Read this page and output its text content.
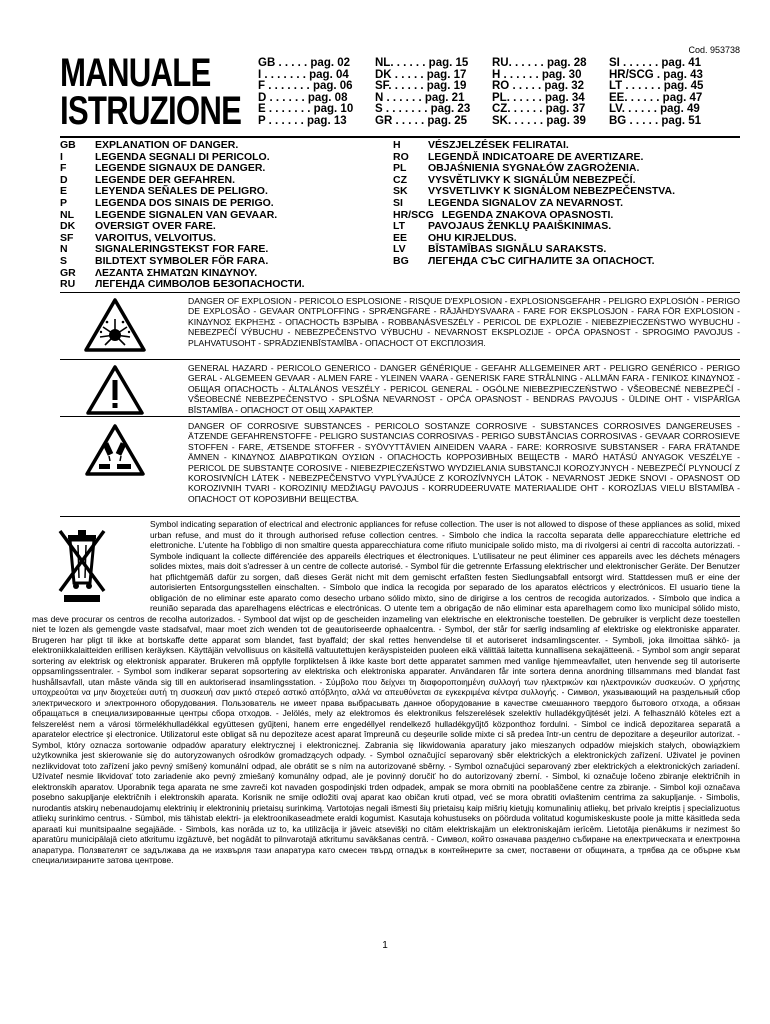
Cod. 953738
MANUALE
ISTRUZIONE
GB . . . . . pag. 02	NL. . . . . . pag. 15	RU. . . . . . pag. 28	SI . . . . . . pag. 41
I . . . . . . . pag. 04	DK . . . . . pag. 17	H . . . . . . pag. 30	HR/SCG . pag. 43
F . . . . . . . pag. 06	SF. . . . . . pag. 19	RO . . . . . pag. 32	LT . . . . . . pag. 45
D . . . . . . pag. 08	N . . . . . . pag. 21	PL. . . . . . pag. 34	EE. . . . . . pag. 47
E . . . . . . . pag. 10	S . . . . . . . pag. 23	CZ. . . . . . pag. 37	LV. . . . . . pag. 49
P . . . . . . pag. 13	GR . . . . . pag. 25	SK. . . . . . pag. 39	BG . . . . . pag. 51
GB	EXPLANATION OF DANGER.
I	LEGENDA SEGNALI DI PERICOLO.
F	LEGENDE SIGNAUX DE DANGER.
D	LEGENDE DER GEFAHREN.
E	LEYENDA SEÑALES DE PELIGRO.
P	LEGENDA DOS SINAIS DE PERIGO.
NL	LEGENDE SIGNALEN VAN GEVAAR.
DK	OVERSIGT OVER FARE.
SF	VAROITUS, VELVOITUS.
N	SIGNALERINGSTEKST FOR FARE.
S	BILDTEXT SYMBOLER FÖR FARA.
GR	ΛΕΖΑΝΤΑ ΣΗΜΑΤΩΝ ΚΙΝΔΥΝΟΥ.
RU	ЛЕГЕНДА СИМВОЛОВ БЕЗОПАСНОСТИ.
H	VÉSZJELZÉSEK FELIRATAI.
RO	LEGENDĂ INDICATOARE DE AVERTIZARE.
PL	OBJAŚNIENIA SYGNAŁÓW ZAGROŻENIA.
CZ	VYSVĚTLIVKY K SIGNÁLŮM NEBEZPEČÍ.
SK	VYSVETLIVKY K SIGNÁLOM NEBEZPEČENSTVA.
SI	LEGENDA SIGNALOV ZA NEVARNOST.
HR/SCG LEGENDA ZNAKOVA OPASNOSTI.
LT	PAVOJAUS ŽENKLŲ PAAIŠKINIMAS.
EE	OHU KIRJELDUS.
LV	BĪSTAMĪBAS SIGNĀLU SARAKSTS.
BG	ЛЕГЕНДА СЪС СИГНАЛИТЕ ЗА ОПАСНОСТ.
DANGER OF EXPLOSION - PERICOLO ESPLOSIONE - RISQUE D'EXPLOSION - EXPLOSIONSGEFAHR - PELIGRO EXPLOSIÓN - PERIGO DE EXPLOSÃO - GEVAAR ONTPLOFFING - SPRÆNGFARE - RÄJÄHDYSVAARA - FARE FOR EKSPLOSJON - FARA FÖR EXPLOSION - ΚΙΝΔΥΝΟΣ ΕΚΡΗΞΗΣ - ОПАСНОСТЬ ВЗРЫВА - ROBBANÁSVESZÉLY - PERICOL DE EXPLOZIE - NIEBEZPIECZEŃSTWO WYBUCHU - NEBEZPEČÍ VÝBUCHU - NEBEZPEČENSTVO VÝBUCHU - NEVARNOST EKSPLOZIJE - OPĆA OPASNOST - SPROGIMO PAVOJUS - PLAHVATUSOHT - SPRĀDZIENBĪSTAMĪBA - ОПАСНОСТ ОТ ЕКСПЛОЗИЯ.
GENERAL HAZARD - PERICOLO GENERICO - DANGER GÉNÉRIQUE - GEFAHR ALLGEMEINER ART - PELIGRO GENÉRICO - PERIGO GERAL - ALGEMEEN GEVAAR - ALMEN FARE - YLEINEN VAARA - GENERISK FARE STRÅLNING - ALLMÄN FARA - ΓΕΝΙΚΟΣ ΚΙΝΔΥΝΟΣ - ОБЩАЯ ОПАСНОСТЬ - ÁLTALÁNOS VESZÉLY - PERICOL GENERAL - OGÓLNE NIEBEZPIECZEŃSTWO - VŠEOBECNÉ NEBEZPEČÍ - VŠEOBECNÉ NEBEZPEČENSTVO - SPLOŠNA NEVARNOST - OPĆA OPASNOST - BENDRAS PAVOJUS - ÜLDINE OHT - VISPĀRĪGA BĪSTAMĪBA - ОПАСНОСТ ОТ ОБЩ ХАРАКТЕР.
DANGER OF CORROSIVE SUBSTANCES - PERICOLO SOSTANZE CORROSIVE - SUBSTANCES CORROSIVES DANGEREUSES - ÄTZENDE GEFAHRENSTOFFE - PELIGRO SUSTANCIAS CORROSIVAS - PERIGO SUBSTÂNCIAS CORROSIVAS - GEVAAR CORROSIEVE STOFFEN - FARE, ÆTSENDE STOFFER - SYÖVYTTÄVIEN AINEIDEN VAARA - FARE: KORROSIVE SUBSTANSER - FARA FRÄTANDE ÄMNEN - ΚΙΝΔΥΝΟΣ ΔΙΑΒΡΩΤΙΚΩΝ ΟΥΣΙΩΝ - ОПАСНОСТЬ КОРРОЗИВНЫХ ВЕЩЕСТВ - MARÓ HATÁSÚ ANYAGOK VESZÉLYE - PERICOL DE SUBSTANŢE COROSIVE - NIEBEZPIECZEŃSTWO WYDZIELANIA SUBSTANCJI KOROZYJNYCH - NEBEZPEČÍ PLYNOUCÍ Z KOROSIVNÍCH LÁTEK - NEBEZPEČENSTVO VYPLÝVAJÚCE Z KOROZÍVNYCH LÁTOK - NEVARNOST JEDKE SNOVI - OPASNOST OD KOROZIVNIH TVARI - KOROZINIŲ MEDŽIAGŲ PAVOJUS - KORRUDEERUVATE MATERIAALIDE OHT - KOROZĪJAS VIELU BĪSTAMĪBA - ОПАСНОСТ ОТ КОРОЗИВНИ ВЕЩЕСТВА.
Symbol indicating separation of electrical and electronic appliances for refuse collection. The user is not allowed to dispose of these appliances as solid, mixed urban refuse, and must do it through authorised refuse collection centres. - Simbolo che indica la raccolta separata delle apparecchiature elettriche ed elettroniche. L'utente ha l'obbligo di non smaltire questa apparecchiatura come rifiuto municipale solido misto, ma di rivolgersi ai centri di raccolta autorizzati. - Symbole indiquant la collecte différenciée des appareils électriques et électroniques. L'utilisateur ne peut éliminer ces appareils avec les déchets ménagers solides mixtes, mais doit s'adresser à un centre de collecte autorisé. - Symbol für die getrennte Erfassung elektrischer und elektronischer Geräte. Der Benutzer hat pflichtgemäß dafür zu sorgen, daß dieses Gerät nicht mit dem gemischt erfaßten festen Siedlungsabfall entsorgt wird. Stattdessen muß er eine der autorisierten Entsorgungsstellen einschalten. - Símbolo que indica la recogida por separado de los aparatos eléctricos y electrónicos. El usuario tiene la obligación de no eliminar este aparato como desecho urbano sólido mixto, sino de dirigirse a los centros de recogida autorizados. - Símbolo que indica a reunião separada das aparelhagens eléctricas e electrónicas. O utente tem a obrigação de não eliminar esta aparelhagem como lixo municipal sólido misto, mas deve procurar os centros de recolha autorizados. - Symbool dat wijst op de gescheiden inzameling van elektrische en elektronische toestellen. De gebruiker is verplicht deze toestellen niet te lozen als gemengde vaste stadsafval, maar moet zich wenden tot de geautoriseerde ophaalcentra. - Symbol, der står for særlig indsamling af elektriske og elektroniske apparater. Brugeren har pligt til ikke at bortskaffe dette apparat som blandet, fast byaffald; der skal rettes henvendelse til et autoriseret indsamlingscenter. - Symboli, joka ilmoittaa sähkö- ja elektroniikkalaitteiden erillisen keräyksen. Käyttäjän velvollisuus on käsitellä valtuutettujen keräyspisteiden puoleen eikä välittää laitetta kunnallisena sekajätteenä. - Symbol som angir separat sortering av elektrisk og elektronisk apparater. Brukeren må oppfylle forpliktelsen å ikke kaste bort dette apparatet sammen med vanlige hjemmeavfallet, uten henvende seg til autoriserte oppsamlingssentraler. - Symbol som indikerar separat sopsortering av elektriska och elektroniska apparater. Användaren får inte sortera denna anordning tillsammans med blandat fast hushållsavfall, utan måste vända sig till en auktoriserad insamlingsstation. - Σύμβολο που δείχνει τη διαφοροποιημένη συλλογή των ηλεκτρικών και ηλεκτρονικών συσκευών. Ο χρήστης υποχρεούται να μην διοχετεύει αυτή τη συσκευή σαν μικτό στερεό αστικό απόβλητο, αλλά να απευθύνεται σε εγκεκριμένα κέντρα συλλογής. - Символ, указывающий на раздельный сбор электрического и электронного оборудования. Пользователь не имеет права выбрасывать данное оборудование в качестве смешанного твердого бытового отхода, а обязан обращаться в специализированные центры сбора отходов. - Jelölés, mely az elektromos és elektronikus felszerelések szelektív hulladékgyűjtését jelzi. A felhasználó köteles ezt a felszerelést nem a városi törmelékhulladékkal együttesen gyűjteni, hanem erre engedéllyel rendelkező hulladékgyűjtő központhoz fordulni. - Simbol ce indică depozitarea separată a aparatelor electrice şi electronice. Utilizatorul este obligat să nu depoziteze acest aparat împreună cu deşeurile solide mixte ci să predea într-un centru de depozitare a deşeurilor autorizat. - Symbol, który oznacza sortowanie odpadów aparatury elektrycznej i elektronicznej. Zabrania się likwidowania aparatury jako mieszanych odpadów miejskich stałych, obowiązkiem użytkownika jest skierowanie się do autoryzowanych ośrodków gromadzących odpady. - Symbol označující separovaný sběr elektrických a elektronických zařízení. Uživatel je povinen nezlikvidovat toto zařízení jako pevný smíšený komunální odpad, ale obrátit se s ním na autorizované sběrny. - Symbol označujúci separovaný zber elektrických a elektronických zariadení. Užívateľ nesmie likvidovať toto zariadenie ako pevný zmiešaný komunálny odpad, ale je povinný doručiť ho do autorizovaný zberní. - Simbol, ki označuje ločeno zbiranje električnih in elektronskih aparatov. Uporabnik tega aparata ne sme zavreči kot navaden gospodinjski trden odpadek, ampak se mora obrniti na pooblaščene centre za zbiranje. - Simbol koji označava posebno sakupljanje električnih i elektronskih aparata. Korisnik ne smije odložiti ovaj aparat kao običan kruti otpad, već se mora obratiti ovlaštenim centrima za sakupljanje. - Simbolis, nurodantis atskirų nebenaudojamų elektrinių ir elektroninių prietaisų surinkimą. Vartotojas negali išmesti šių prietaisų kaip mišrių kietųjų komunalinių atliekų, bet privalo kreiptis į specializuotus atliekų surinkimo centrus. - Sümbol, mis tähistab elektri- ja elektroonikaseadmete eraldi kogumist. Kasutaja kohustuseks on pöörduda volitatud kogumiskeskuste poole ja mitte käsitleda seda aparaati kui munitsipaalne segajääde. - Simbols, kas norāda uz to, ka utilizācija ir jāveic atsevišķi no citām elektriskajām un elektroniskajām ierīcēm. Lietotāja pienākums ir nezimest šo aparatūru municipālajā cieto atkritumu izgāztuvē, bet nogādāt to pilnvarotajā atkritumu savākšanas centrā. - Символ, който означава разделно събиране на електрическата и електронна апаратура. Ползвателят се задължава да не изхвърля тази апаратура като смесен твърд отпадък в контейнерите за смет, поставени от общината, а трябва да се обърне към специализираните затова центрове.
1
